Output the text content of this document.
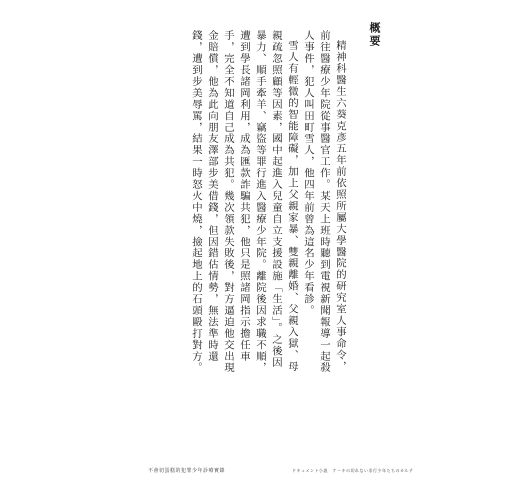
概要

精神科醫生六葵克彥五年前依照所屬大學醫院的研究室人事命令，前往醫療少年院從事醫官工作。某天上班時聽到電視新聞報導一起殺人事件，犯人叫田町雪人，他四年前曾為這名少年看診。

雪人有輕微的智能障礙，加上父親家暴、雙親離婚、父親入獄、母親疏忽照顧等因素，國中起進入兒童自立支援設施「生活」。之後因暴力、順手牽羊、竊盜等罪行進入醫療少年院。離院後因求職不順，遭到學長諸岡利用，成為匯款詐騙共犯，他只是照諸岡指示擔任車手，完全不知道自己成為共犯。幾次領款失敗後，對方逼迫他交出現金賠償，他為此向朋友澤部步美借錢，但因錯估情勢，無法準時還錢，遭到步美辱罵，結果一時怒火中燒，撿起地上的石頭毆打對方。

不會切蛋糕的犯罪少年診療實錄	ドキュメント小説　ケーキの切れない非行少年たちのカルテ
